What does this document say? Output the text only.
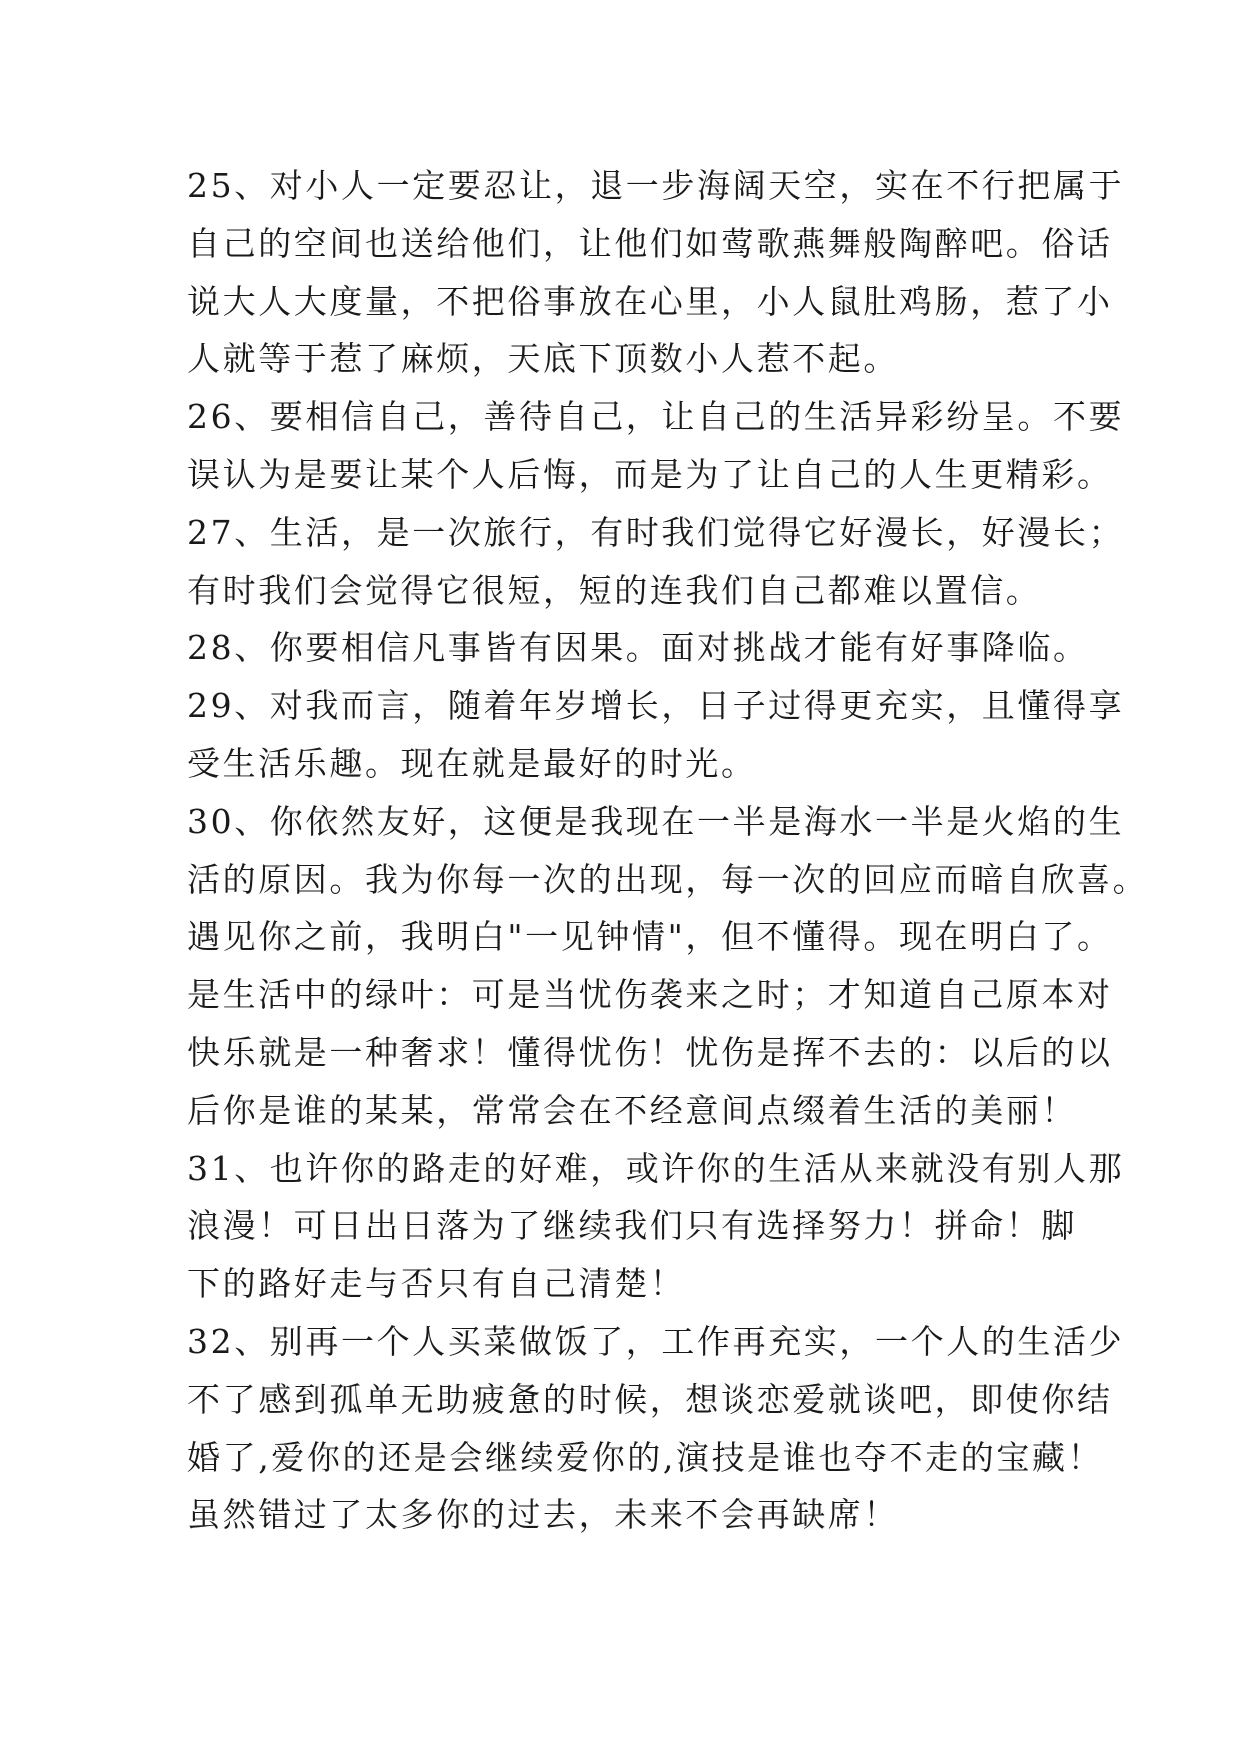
25、对小人一定要忍让，退一步海阔天空，实在不行把属于
自己的空间也送给他们，让他们如莺歌燕舞般陶醉吧。俗话
说大人大度量，不把俗事放在心里，小人鼠肚鸡肠，惹了小
人就等于惹了麻烦，天底下顶数小人惹不起。
26、要相信自己，善待自己，让自己的生活异彩纷呈。不要
误认为是要让某个人后悔，而是为了让自己的人生更精彩。
27、生活，是一次旅行，有时我们觉得它好漫长，好漫长；
有时我们会觉得它很短，短的连我们自己都难以置信。
28、你要相信凡事皆有因果。面对挑战才能有好事降临。
29、对我而言，随着年岁增长，日子过得更充实，且懂得享
受生活乐趣。现在就是最好的时光。
30、你依然友好，这便是我现在一半是海水一半是火焰的生
活的原因。我为你每一次的出现，每一次的回应而暗自欣喜。
遇见你之前，我明白"一见钟情"，但不懂得。现在明白了。
是生活中的绿叶：可是当忧伤袭来之时；才知道自己原本对
快乐就是一种奢求！懂得忧伤！忧伤是挥不去的：以后的以
后你是谁的某某，常常会在不经意间点缀着生活的美丽！
31、也许你的路走的好难，或许你的生活从来就没有别人那
浪漫！可日出日落为了继续我们只有选择努力！拼命！脚
下的路好走与否只有自己清楚！
32、别再一个人买菜做饭了，工作再充实，一个人的生活少
不了感到孤单无助疲惫的时候，想谈恋爱就谈吧，即使你结
婚了,爱你的还是会继续爱你的,演技是谁也夺不走的宝藏！
虽然错过了太多你的过去，未来不会再缺席！
